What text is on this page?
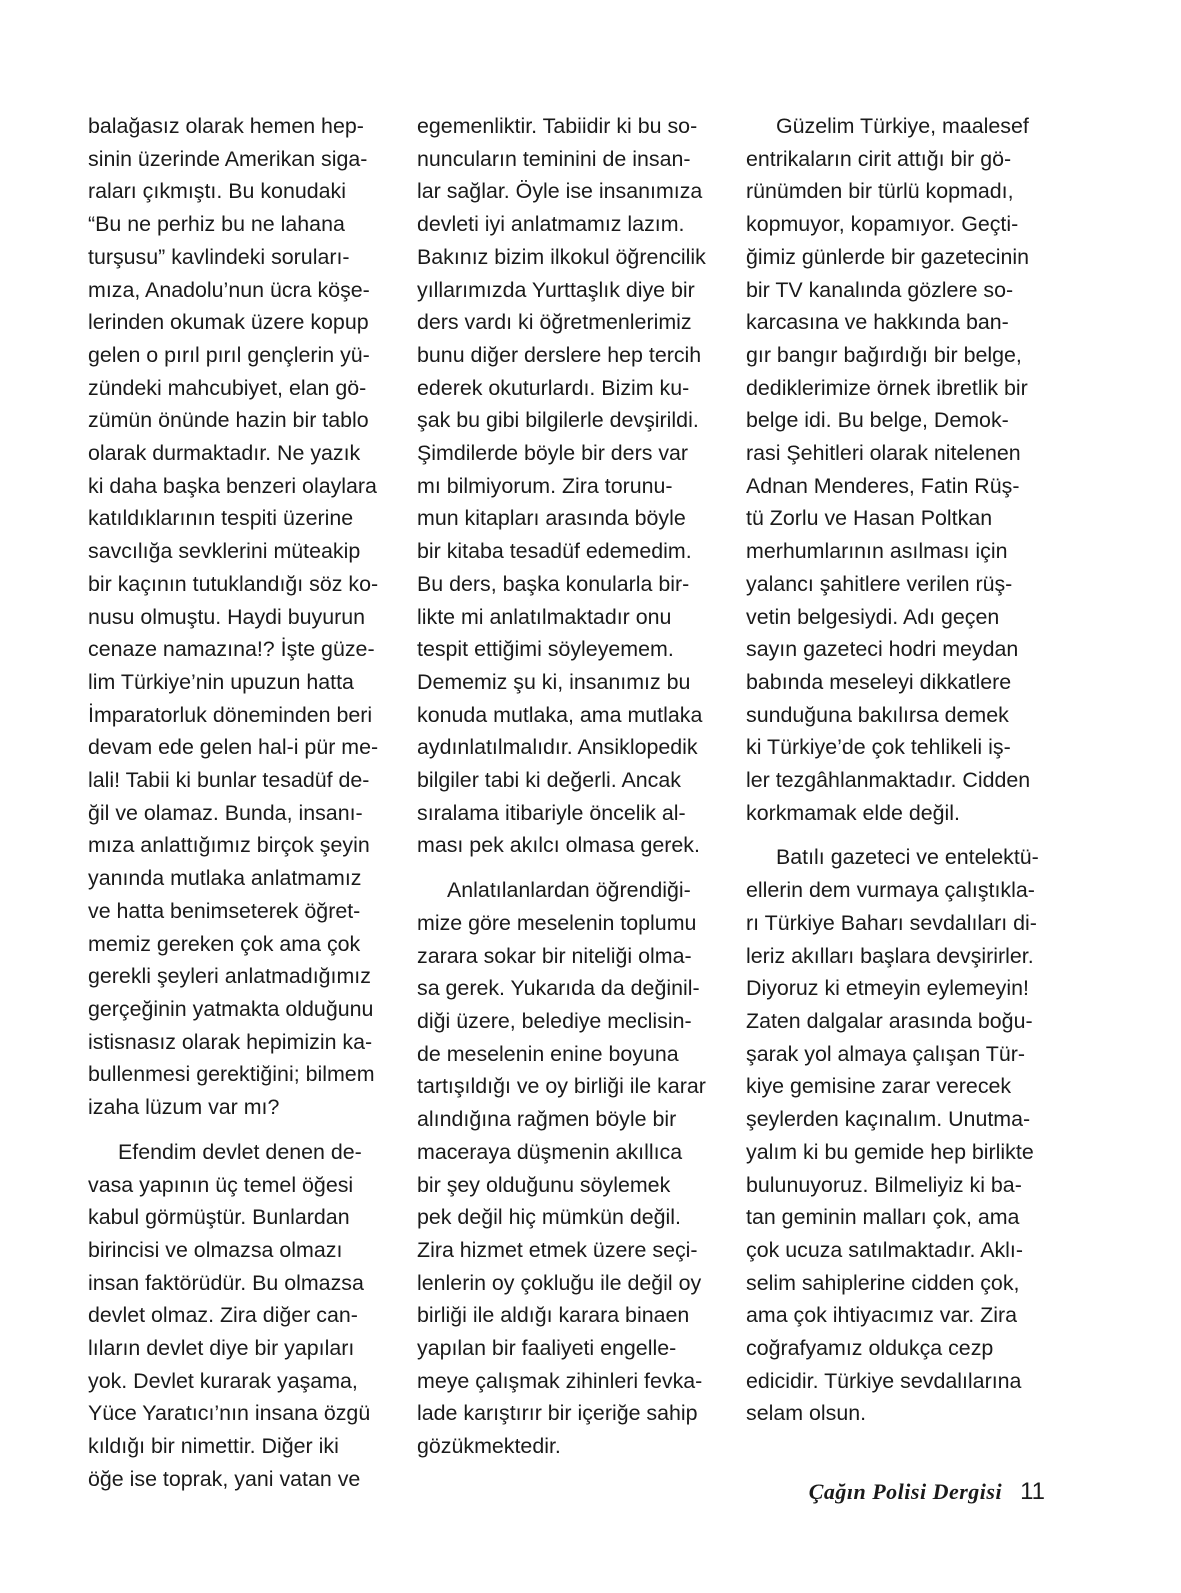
balağasız olarak hemen hep-
sinin üzerinde Amerikan siga-
raları çıkmıştı. Bu konudaki
“Bu ne perhiz bu ne lahana
turşusu” kavlindeki soruları-
mıza, Anadolu’nun ücra köşe-
lerinden okumak üzere kopup
gelen o pırıl pırıl gençlerin yü-
zündeki mahcubiyet, elan gö-
zümün önünde hazin bir tablo
olarak durmaktadır. Ne yazık
ki daha başka benzeri olaylara
katıldıklarının tespiti üzerine
savcılığa sevklerini müteakip
bir kaçının tutuklandığı söz ko-
nusu olmuştu. Haydi buyurun
cenaze namazına!? İşte güze-
lim Türkiye’nin upuzun hatta
İmparatorluk döneminden beri
devam ede gelen hal-i pür me-
lali! Tabii ki bunlar tesadüf de-
ğil ve olamaz. Bunda, insanı-
mıza anlattığımız birçok şeyin
yanında mutlaka anlatmamız
ve hatta benimseterek öğret-
memiz gereken çok ama çok
gerekli şeyleri anlatmadığımız
gerçeğinin yatmakta olduğunu
istisnasız olarak hepimizin ka-
bullenmesi gerektiğini; bilmem
izaha lüzum var mı?

Efendim devlet denen de-
vasa yapının üç temel öğesi
kabul görmüştür. Bunlardan
birincisi ve olmazsa olmazı
insan faktörüdür. Bu olmazsa
devlet olmaz. Zira diğer can-
lıların devlet diye bir yapıları
yok. Devlet kurarak yaşama,
Yüce Yaratıcı’nın insana özgü
kıldığı bir nimettir. Diğer iki
öğe ise toprak, yani vatan ve

egemenliktir. Tabiidir ki bu so-
nuncuların teminini de insan-
lar sağlar. Öyle ise insanımıza
devleti iyi anlatmamız lazım.
Bakınız bizim ilkokul öğrencilik
yıllarımızda Yurttaşlık diye bir
ders vardı ki öğretmenlerimiz
bunu diğer derslere hep tercih
ederek okuturlardı. Bizim ku-
şak bu gibi bilgilerle devşirildi.
Şimdilerde böyle bir ders var
mı bilmiyorum. Zira torunu-
mun kitapları arasında böyle
bir kitaba tesadüf edemedim.
Bu ders, başka konularla bir-
likte mi anlatılmaktadır onu
tespit ettiğimi söyleyemem.
Dememiz şu ki, insanımız bu
konuda mutlaka, ama mutlaka
aydınlatılmalıdır. Ansiklopedik
bilgiler tabi ki değerli. Ancak
sıralama itibariyle öncelik al-
ması pek akılcı olmasa gerek.

Anlatılanlardan öğrendiği-
mize göre meselenin toplumu
zarara sokar bir niteliği olma-
sa gerek. Yukarıda da değinil-
diği üzere, belediye meclisin-
de meselenin enine boyuna
tartışıldığı ve oy birliği ile karar
alındığına rağmen böyle bir
maceraya düşmenin akıllıca
bir şey olduğunu söylemek
pek değil hiç mümkün değil.
Zira hizmet etmek üzere seçi-
lenlerin oy çokluğu ile değil oy
birliği ile aldığı karara binaen
yapılan bir faaliyeti engelle-
meye çalışmak zihinleri fevka-
lade karıştırır bir içeriğe sahip
gözükmektedir.

Güzelim Türkiye, maalesef
entrikaların cirit attığı bir gö-
rünümden bir türlü kopmadı,
kopmuyor, kopamıyor. Geçti-
ğimiz günlerde bir gazetecinin
bir TV kanalında gözlere so-
karcasına ve hakkında ban-
gır bangır bağırdığı bir belge,
dediklerimize örnek ibretlik bir
belge idi. Bu belge, Demok-
rasi Şehitleri olarak nitelenen
Adnan Menderes, Fatin Rüş-
tü Zorlu ve Hasan Poltkan
merhumlarının asılması için
yalancı şahitlere verilen rüş-
vetin belgesiydi. Adı geçen
sayın gazeteci hodri meydan
babında meseleyi dikkatlere
sunduğuna bakılırsa demek
ki Türkiye’de çok tehlikeli iş-
ler tezgâhlanmaktadır. Cidden
korkmamak elde değil.

Batılı gazeteci ve entelektü-
ellerin dem vurmaya çalıştıkla-
rı Türkiye Baharı sevdalıları di-
leriz akılları başlara devşirirler.
Diyoruz ki etmeyin eylemeyin!
Zaten dalgalar arasında boğu-
şarak yol almaya çalışan Tür-
kiye gemisine zarar verecek
şeylerden kaçınalım. Unutma-
yalım ki bu gemide hep birlikte
bulunuyoruz. Bilmeliyiz ki ba-
tan geminin malları çok, ama
çok ucuza satılmaktadır. Aklı-
selim sahiplerine cidden çok,
ama çok ihtiyacımız var. Zira
coğrafyamız oldukça cezp
edicidir. Türkiye sevdalılarına
selam olsun.

Çağın Polisi Dergisi 11
